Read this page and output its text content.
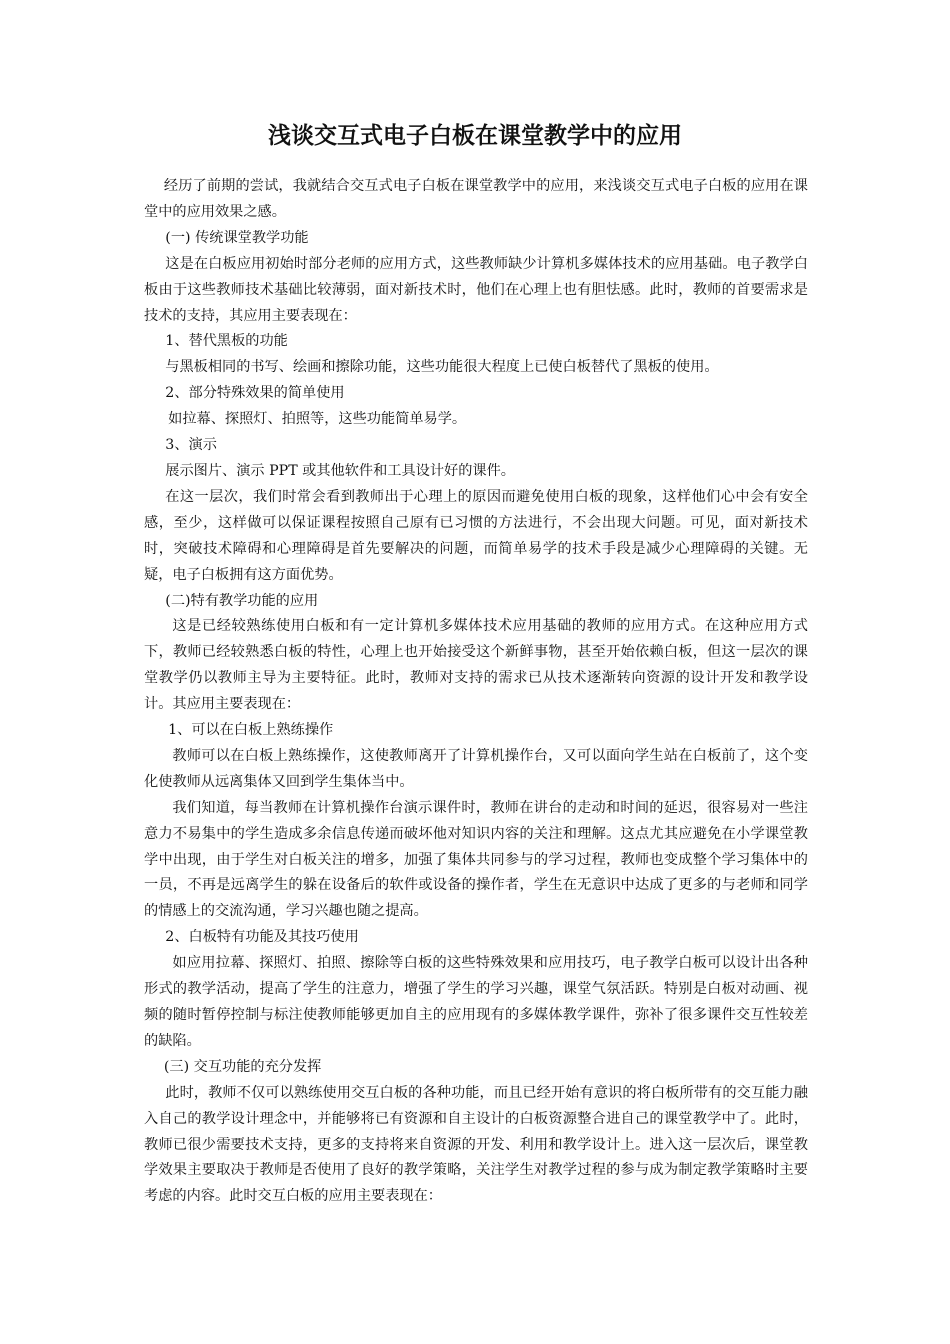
浅谈交互式电子白板在课堂教学中的应用

经历了前期的尝试，我就结合交互式电子白板在课堂教学中的应用，来浅谈交互式电子白板的应用在课堂中的应用效果之感。

(一) 传统课堂教学功能

这是在白板应用初始时部分老师的应用方式，这些教师缺少计算机多媒体技术的应用基础。电子教学白板由于这些教师技术基础比较薄弱，面对新技术时，他们在心理上也有胆怯感。此时，教师的首要需求是技术的支持，其应用主要表现在：

1、替代黑板的功能

与黑板相同的书写、绘画和擦除功能，这些功能很大程度上已使白板替代了黑板的使用。

2、部分特殊效果的简单使用

如拉幕、探照灯、拍照等，这些功能简单易学。

3、演示

展示图片、演示 PPT 或其他软件和工具设计好的课件。

在这一层次，我们时常会看到教师出于心理上的原因而避免使用白板的现象，这样他们心中会有安全感，至少，这样做可以保证课程按照自己原有已习惯的方法进行，不会出现大问题。可见，面对新技术时，突破技术障碍和心理障碍是首先要解决的问题，而简单易学的技术手段是减少心理障碍的关键。无疑，电子白板拥有这方面优势。

(二)特有教学功能的应用

这是已经较熟练使用白板和有一定计算机多媒体技术应用基础的教师的应用方式。在这种应用方式下，教师已经较熟悉白板的特性，心理上也开始接受这个新鲜事物，甚至开始依赖白板，但这一层次的课堂教学仍以教师主导为主要特征。此时，教师对支持的需求已从技术逐渐转向资源的设计开发和教学设计。其应用主要表现在：

1、可以在白板上熟练操作

教师可以在白板上熟练操作，这使教师离开了计算机操作台，又可以面向学生站在白板前了，这个变化使教师从远离集体又回到学生集体当中。

我们知道，每当教师在计算机操作台演示课件时，教师在讲台的走动和时间的延迟，很容易对一些注意力不易集中的学生造成多余信息传递而破坏他对知识内容的关注和理解。这点尤其应避免在小学课堂教学中出现，由于学生对白板关注的增多，加强了集体共同参与的学习过程，教师也变成整个学习集体中的一员，不再是远离学生的躲在设备后的软件或设备的操作者，学生在无意识中达成了更多的与老师和同学的情感上的交流沟通，学习兴趣也随之提高。

2、白板特有功能及其技巧使用

如应用拉幕、探照灯、拍照、擦除等白板的这些特殊效果和应用技巧，电子教学白板可以设计出各种形式的教学活动，提高了学生的注意力，增强了学生的学习兴趣，课堂气氛活跃。特别是白板对动画、视频的随时暂停控制与标注使教师能够更加自主的应用现有的多媒体教学课件，弥补了很多课件交互性较差的缺陷。

(三) 交互功能的充分发挥

此时，教师不仅可以熟练使用交互白板的各种功能，而且已经开始有意识的将白板所带有的交互能力融入自己的教学设计理念中，并能够将已有资源和自主设计的白板资源整合进自己的课堂教学中了。此时，教师已很少需要技术支持，更多的支持将来自资源的开发、利用和教学设计上。进入这一层次后，课堂教学效果主要取决于教师是否使用了良好的教学策略，关注学生对教学过程的参与成为制定教学策略时主要考虑的内容。此时交互白板的应用主要表现在：
